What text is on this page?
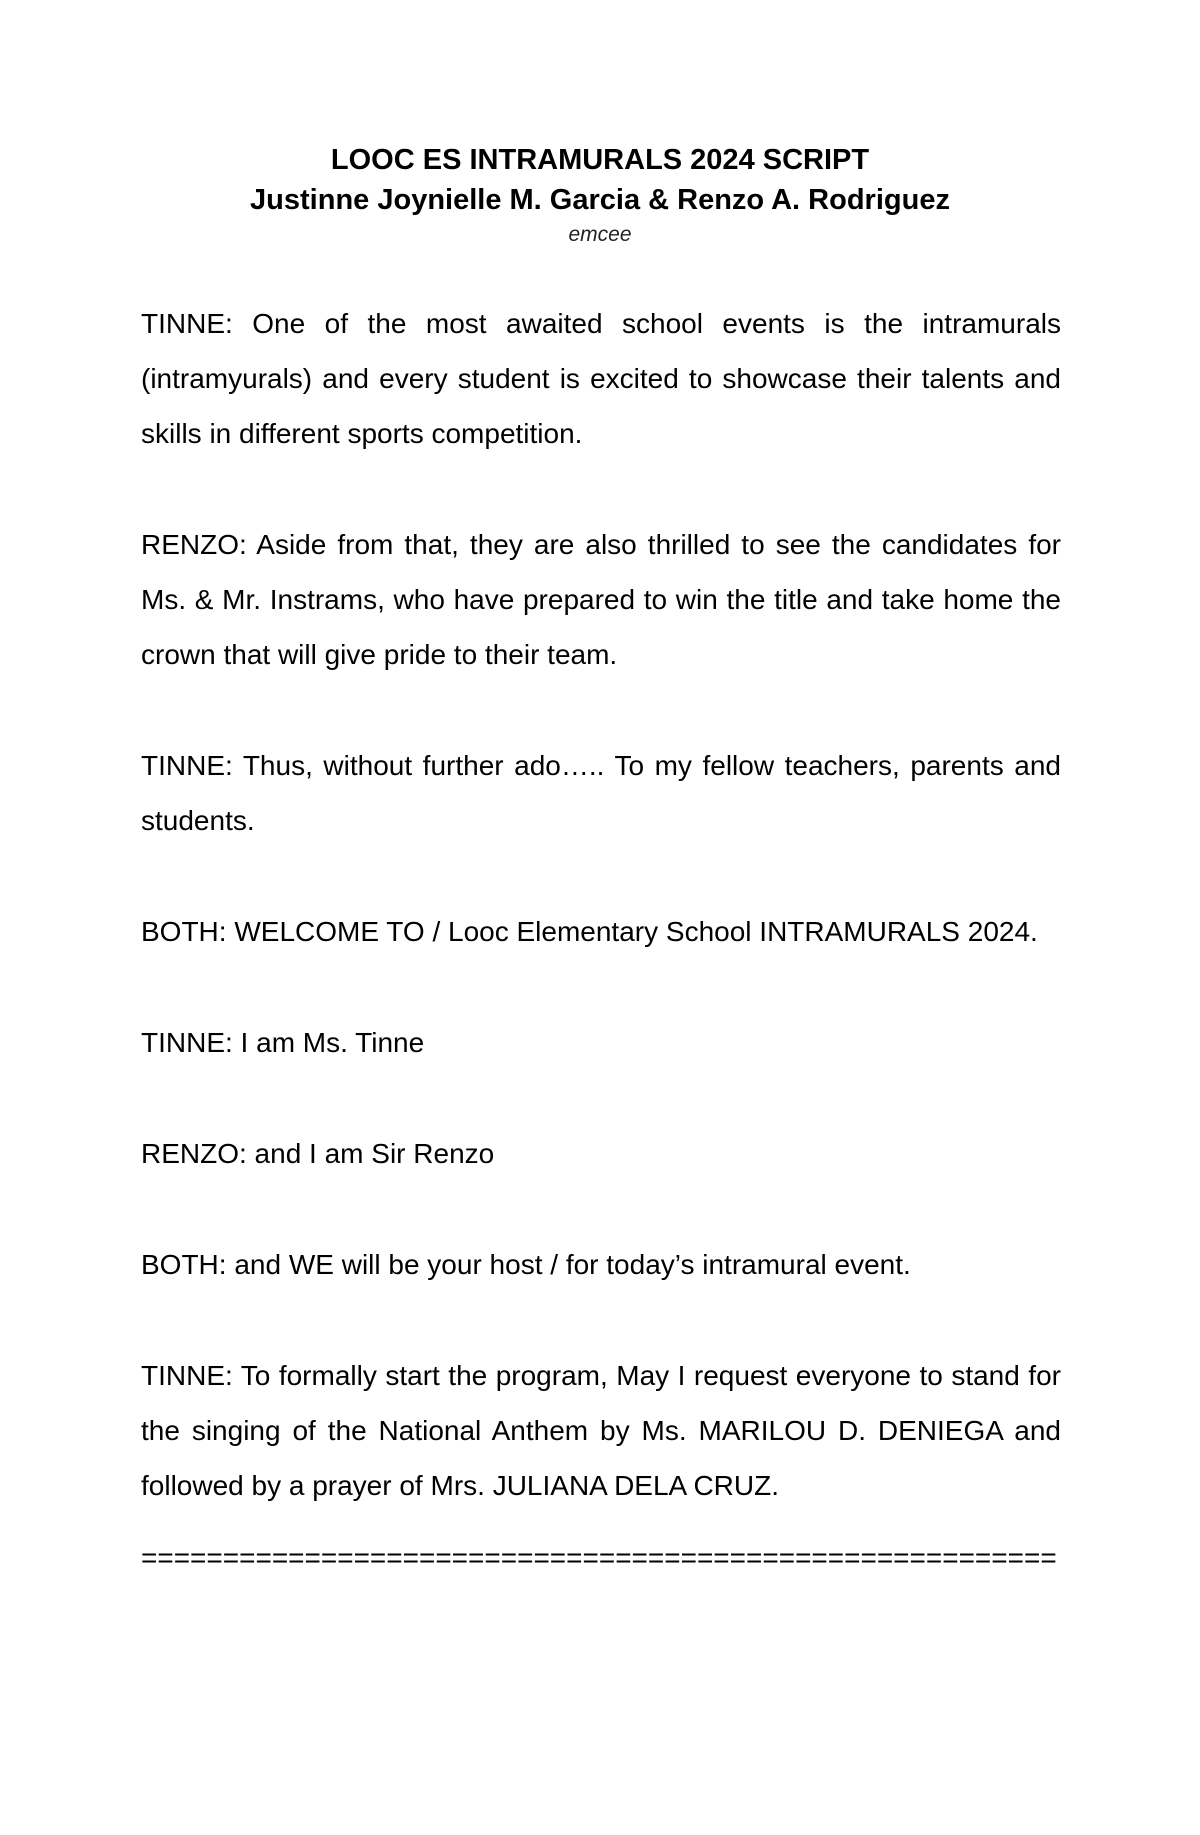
LOOC ES INTRAMURALS 2024 SCRIPT

Justinne Joynielle M. Garcia & Renzo A. Rodriguez

emcee

TINNE: One of the most awaited school events is the intramurals (intramyurals) and every student is excited to showcase their talents and skills in different sports competition.

RENZO: Aside from that, they are also thrilled to see the candidates for Ms. & Mr. Instrams, who have prepared to win the title and take home the crown that will give pride to their team.

TINNE: Thus, without further ado….. To my fellow teachers, parents and students.

BOTH: WELCOME TO / Looc Elementary School INTRAMURALS 2024.

TINNE: I am Ms. Tinne

RENZO: and I am Sir Renzo

BOTH: and WE will be your host / for today’s intramural event.

TINNE: To formally start the program, May I request everyone to stand for the singing of the National Anthem by Ms. MARILOU D. DENIEGA and followed by a prayer of Mrs. JULIANA DELA CRUZ.

========================================================
